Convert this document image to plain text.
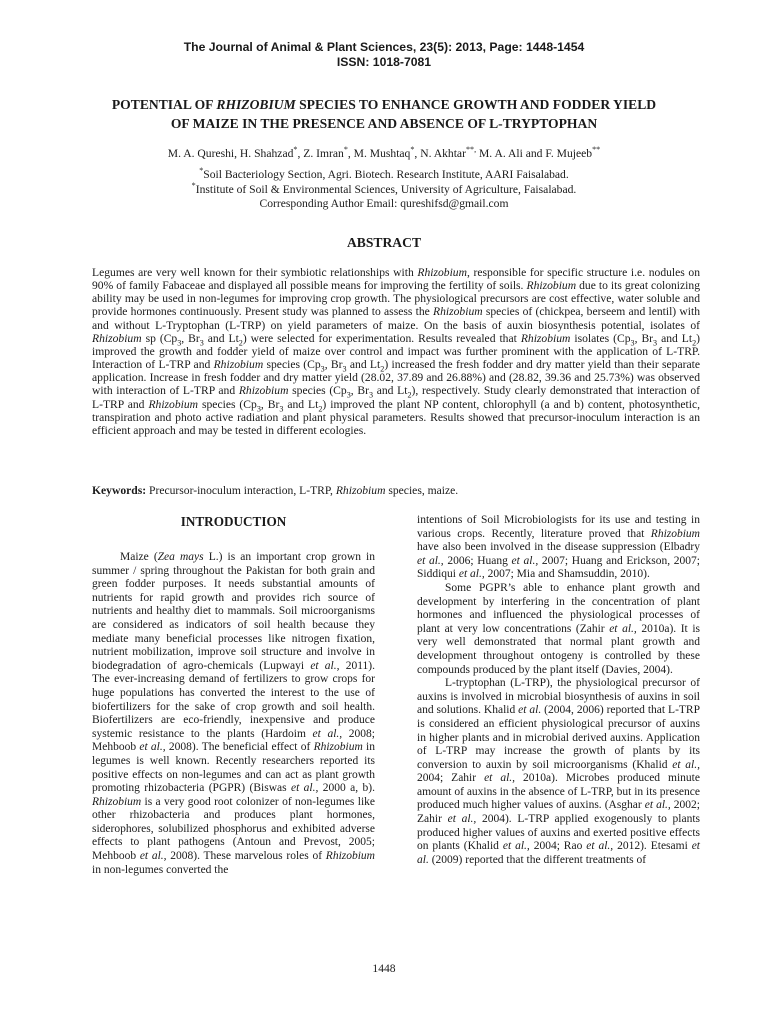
The Journal of Animal & Plant Sciences, 23(5): 2013, Page: 1448-1454
ISSN: 1018-7081
POTENTIAL OF RHIZOBIUM SPECIES TO ENHANCE GROWTH AND FODDER YIELD
OF MAIZE IN THE PRESENCE AND ABSENCE OF L-TRYPTOPHAN
M. A. Qureshi, H. Shahzad*, Z. Imran*, M. Mushtaq*, N. Akhtar**, M. A. Ali and F. Mujeeb**
*Soil Bacteriology Section, Agri. Biotech. Research Institute, AARI Faisalabad.
*Institute of Soil & Environmental Sciences, University of Agriculture, Faisalabad.
Corresponding Author Email: qureshifsd@gmail.com
ABSTRACT

Legumes are very well known for their symbiotic relationships with Rhizobium, responsible for specific structure i.e. nodules on 90% of family Fabaceae and displayed all possible means for improving the fertility of soils. Rhizobium due to its great colonizing ability may be used in non-legumes for improving crop growth. The physiological precursors are cost effective, water soluble and provide hormones continuously. Present study was planned to assess the Rhizobium species of (chickpea, berseem and lentil) with and without L-Tryptophan (L-TRP) on yield parameters of maize. On the basis of auxin biosynthesis potential, isolates of Rhizobium sp ($Cp_3$, $Br_3$ and $Lt_2$) were selected for experimentation. Results revealed that Rhizobium isolates ($Cp_3$, $Br_3$ and $Lt_2$) improved the growth and fodder yield of maize over control and impact was further prominent with the application of L-TRP. Interaction of L-TRP and Rhizobium species ($Cp_3$, $Br_3$ and $Lt_2$) increased the fresh fodder and dry matter yield than their separate application. Increase in fresh fodder and dry matter yield (28.02, 37.89 and 26.88%) and (28.82, 39.36 and 25.73%) was observed with interaction of L-TRP and Rhizobium species ($Cp_3$, $Br_3$ and $Lt_2$), respectively. Study clearly demonstrated that interaction of L-TRP and Rhizobium species ($Cp_3$, $Br_3$ and $Lt_2$) improved the plant NP content, chlorophyll (a and b) content, photosynthetic, transpiration and photo active radiation and plant physical parameters. Results showed that precursor-inoculum interaction is an efficient approach and may be tested in different ecologies.

Keywords: Precursor-inoculum interaction, L-TRP, Rhizobium species, maize.

INTRODUCTION

Maize (Zea mays L.) is an important crop grown in summer / spring throughout the Pakistan for both grain and green fodder purposes. It needs substantial amounts of nutrients for rapid growth and provides rich source of nutrients and healthy diet to mammals. Soil microorganisms are considered as indicators of soil health because they mediate many beneficial processes like nitrogen fixation, nutrient mobilization, improve soil structure and involve in biodegradation of agro-chemicals (Lupwayi et al., 2011). The ever-increasing demand of fertilizers to grow crops for huge populations has converted the interest to the use of biofertilizers for the sake of crop growth and soil health. Biofertilizers are eco-friendly, inexpensive and produce systemic resistance to the plants (Hardoim et al., 2008; Mehboob et al., 2008). The beneficial effect of Rhizobium in legumes is well known. Recently researchers reported its positive effects on non-legumes and can act as plant growth promoting rhizobacteria (PGPR) (Biswas et al., 2000 a, b). Rhizobium is a very good root colonizer of non-legumes like other rhizobacteria and produces plant hormones, siderophores, solubilized phosphorus and exhibited adverse effects to plant pathogens (Antoun and Prevost, 2005; Mehboob et al., 2008). These marvelous roles of Rhizobium in non-legumes converted the

intentions of Soil Microbiologists for its use and testing in various crops. Recently, literature proved that Rhizobium have also been involved in the disease suppression (Elbadry et al., 2006; Huang et al., 2007; Huang and Erickson, 2007; Siddiqui et al., 2007; Mia and Shamsuddin, 2010).

Some PGPR’s able to enhance plant growth and development by interfering in the concentration of plant hormones and influenced the physiological processes of plant at very low concentrations (Zahir et al., 2010a). It is very well demonstrated that normal plant growth and development throughout ontogeny is controlled by these compounds produced by the plant itself (Davies, 2004).

L-tryptophan (L-TRP), the physiological precursor of auxins is involved in microbial biosynthesis of auxins in soil and solutions. Khalid et al. (2004, 2006) reported that L-TRP is considered an efficient physiological precursor of auxins in higher plants and in microbial derived auxins. Application of L-TRP may increase the growth of plants by its conversion to auxin by soil microorganisms (Khalid et al., 2004; Zahir et al., 2010a). Microbes produced minute amount of auxins in the absence of L-TRP, but in its presence produced much higher values of auxins. (Asghar et al., 2002; Zahir et al., 2004). L-TRP applied exogenously to plants produced higher values of auxins and exerted positive effects on plants (Khalid et al., 2004; Rao et al., 2012). Etesami et al. (2009) reported that the different treatments of

1448
